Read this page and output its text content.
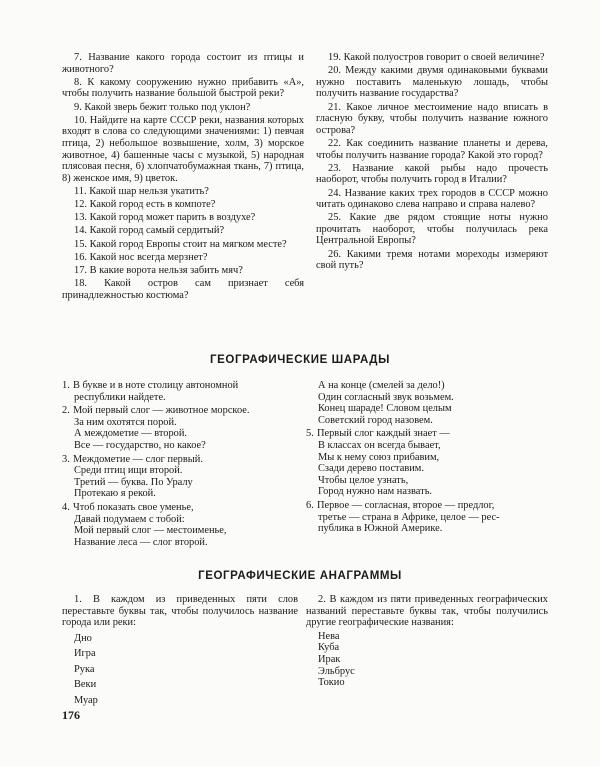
7. Название какого города состоит из птицы и животного?

8. К какому сооружению нужно прибавить «А», чтобы получить название большой быстрой реки?

9. Какой зверь бежит только под уклон?

10. Найдите на карте СССР реки, названия которых входят в слова со следующими значениями: 1) певчая птица, 2) небольшое возвышение, холм, 3) морское животное, 4) башенные часы с музыкой, 5) народная плясовая песня, 6) хлопчатобумажная ткань, 7) птица, 8) женское имя, 9) цветок.

11. Какой шар нельзя укатить?

12. Какой город есть в компоте?

13. Какой город может парить в воздухе?

14. Какой город самый сердитый?

15. Какой город Европы стоит на мягком месте?

16. Какой нос всегда мерзнет?

17. В какие ворота нельзя забить мяч?

18. Какой остров сам признает себя принадлежностью костюма?

19. Какой полуостров говорит о своей величине?

20. Между какими двумя одинаковыми буквами нужно поставить маленькую лошадь, чтобы получить название государства?

21. Какое личное местоимение надо вписать в гласную букву, чтобы получить название южного острова?

22. Как соединить название планеты и дерева, чтобы получить название города? Какой это город?

23. Название какой рыбы надо прочесть наоборот, чтобы получить город в Италии?

24. Название каких трех городов в СССР можно читать одинаково слева направо и справа налево?

25. Какие две рядом стоящие ноты нужно прочитать наоборот, чтобы получилась река Центральной Европы?

26. Какими тремя нотами мореходы измеряют свой путь?

ГЕОГРАФИЧЕСКИЕ ШАРАДЫ
1. В букве и в ноте столицу автономной
республики найдете.
2. Мой первый слог — животное морское.
За ним охотятся порой.
А междометие — второй.
Все — государство, но какое?
3. Междометие — слог первый.
Среди птиц ищи второй.
Третий — буква. По Уралу
Протекаю я рекой.
4. Чтоб показать свое уменье,
Давай подумаем с тобой:
Мой первый слог — местоименье,
Название леса — слог второй.
А на конце (смелей за дело!)
Один согласный звук возьмем.
Конец шараде! Словом целым
Советский город назовем.
5. Первый слог каждый знает —
В классах он всегда бывает,
Мы к нему союз прибавим,
Сзади дерево поставим.
Чтобы целое узнать,
Город нужно нам назвать.
6. Первое — согласная, второе — предлог,
третье — страна в Африке, целое — рес-
публика в Южной Америке.
ГЕОГРАФИЧЕСКИЕ АНАГРАММЫ

1. В каждом из приведенных пяти слов переставьте буквы так, чтобы получилось название города или реки:

Дно
Игра
Рука
Веки
Муар

2. В каждом из пяти приведенных географических названий переставьте буквы так, чтобы получились другие географические названия:

Нева
Куба
Ирак
Эльбрус
Токио
176
